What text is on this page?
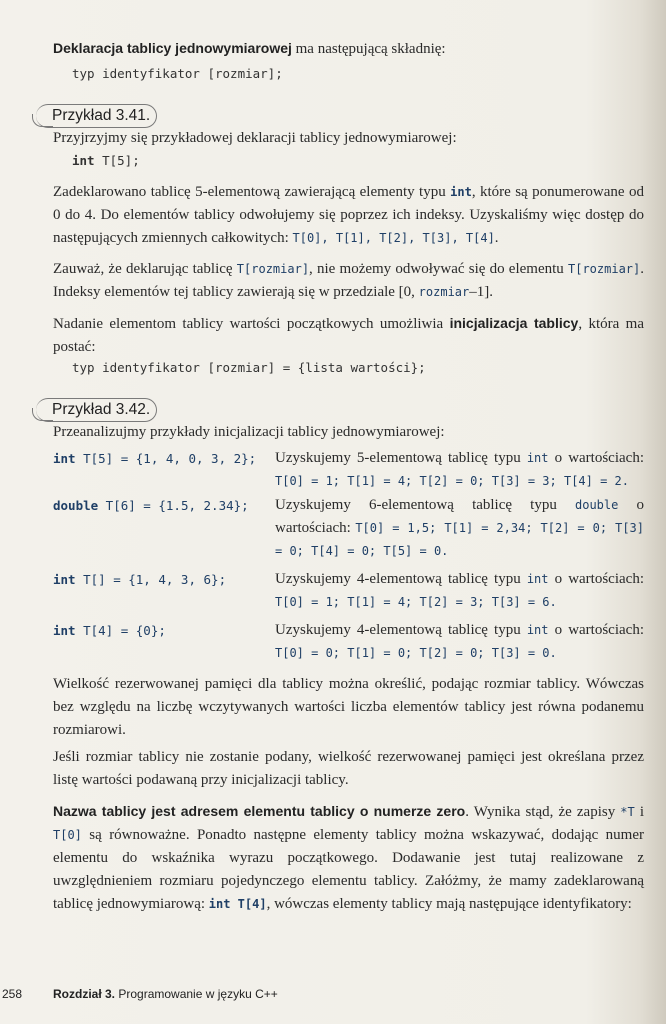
Deklaracja tablicy jednowymiarowej ma następującą składnię:

typ identyfikator [rozmiar];
Przykład 3.41.

Przyjrzyjmy się przykładowej deklaracji tablicy jednowymiarowej:

int T[5];

Zadeklarowano tablicę 5-elementową zawierającą elementy typu int, które są ponumerowane od 0 do 4. Do elementów tablicy odwołujemy się poprzez ich indeksy. Uzyskaliśmy więc dostęp do następujących zmiennych całkowitych: T[0], T[1], T[2], T[3], T[4].

Zauważ, że deklarując tablicę T[rozmiar], nie możemy odwoływać się do elementu T[rozmiar]. Indeksy elementów tej tablicy zawierają się w przedziale [0, rozmiar–1].

Nadanie elementom tablicy wartości początkowych umożliwia inicjalizacja tablicy, która ma postać:

typ identyfikator [rozmiar] = {lista wartości};
Przykład 3.42.

Przeanalizujmy przykłady inicjalizacji tablicy jednowymiarowej:

int T[5] = {1, 4, 0, 3, 2};	Uzyskujemy 5-elementową tablicę typu int o wartościach: T[0] = 1; T[1] = 4; T[2] = 0; T[3] = 3; T[4] = 2.
double T[6] = {1.5, 2.34};	Uzyskujemy 6-elementową tablicę typu double o wartościach: T[0] = 1,5; T[1] = 2,34; T[2] = 0; T[3] = 0; T[4] = 0; T[5] = 0.
int T[] = {1, 4, 3, 6};	Uzyskujemy 4-elementową tablicę typu int o wartościach: T[0] = 1; T[1] = 4; T[2] = 3; T[3] = 6.
int T[4] = {0};	Uzyskujemy 4-elementową tablicę typu int o wartościach: T[0] = 0; T[1] = 0; T[2] = 0; T[3] = 0.

Wielkość rezerwowanej pamięci dla tablicy można określić, podając rozmiar tablicy. Wówczas bez względu na liczbę wczytywanych wartości liczba elementów tablicy jest równa podanemu rozmiarowi.

Jeśli rozmiar tablicy nie zostanie podany, wielkość rezerwowanej pamięci jest określana przez listę wartości podawaną przy inicjalizacji tablicy.

Nazwa tablicy jest adresem elementu tablicy o numerze zero. Wynika stąd, że zapisy *T i T[0] są równoważne. Ponadto następne elementy tablicy można wskazywać, dodając numer elementu do wskaźnika wyrazu początkowego. Dodawanie jest tutaj realizowane z uwzględnieniem rozmiaru pojedynczego elementu tablicy. Załóżmy, że mamy zadeklarowaną tablicę jednowymiarową: int T[4], wówczas elementy tablicy mają następujące identyfikatory:

258	Rozdział 3. Programowanie w języku C++
